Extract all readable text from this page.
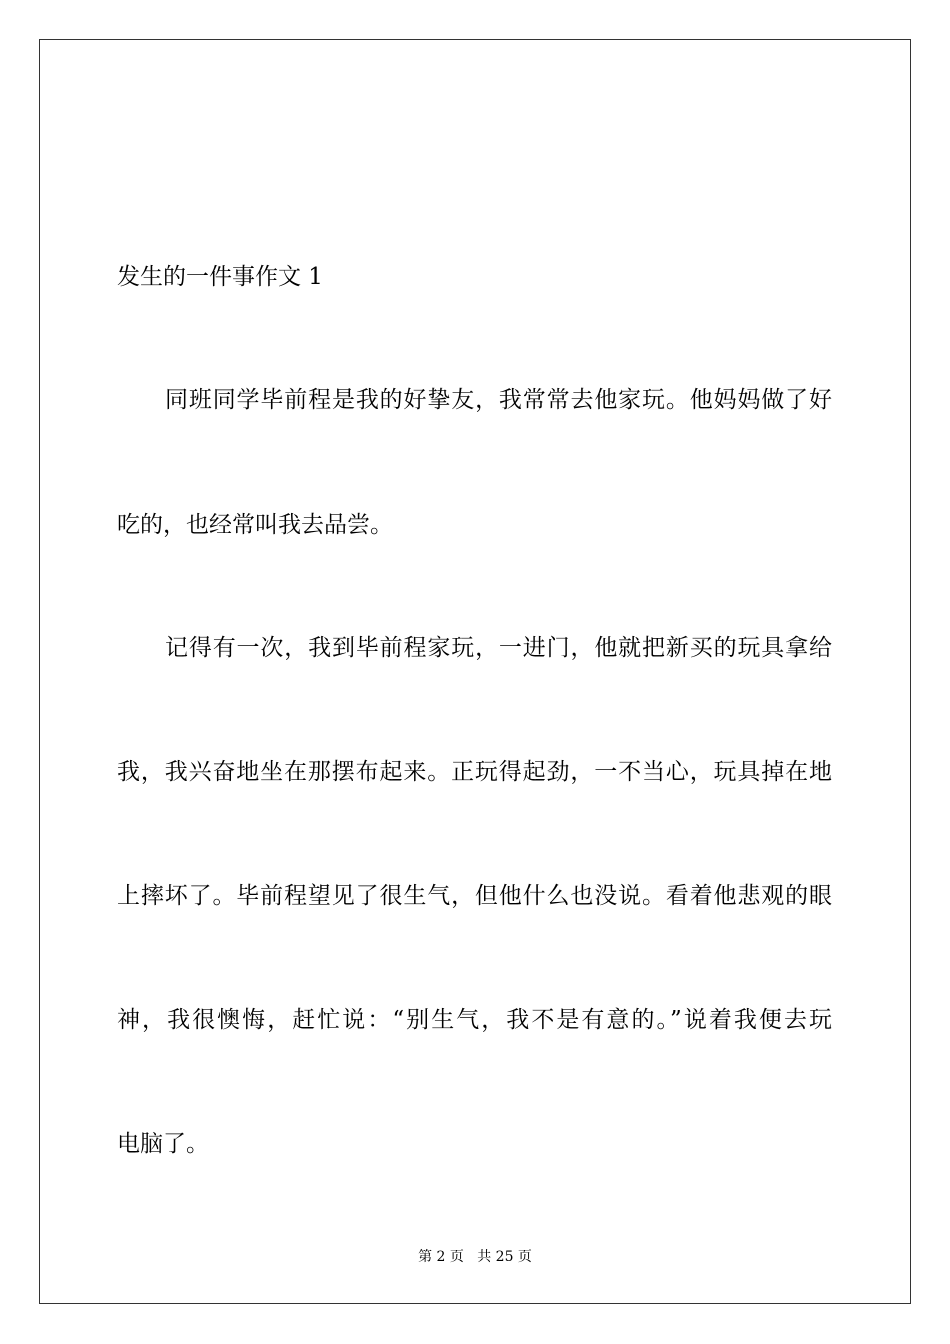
发生的一件事作文 1
同班同学毕前程是我的好挚友，我常常去他家玩。他妈妈做了好
吃的，也经常叫我去品尝。
记得有一次，我到毕前程家玩，一进门，他就把新买的玩具拿给
我，我兴奋地坐在那摆布起来。正玩得起劲，一不当心，玩具掉在地
上摔坏了。毕前程望见了很生气，但他什么也没说。看着他悲观的眼
神，我很懊悔，赶忙说：“别生气，我不是有意的。”说着我便去玩
电脑了。
第 2 页   共 25 页
